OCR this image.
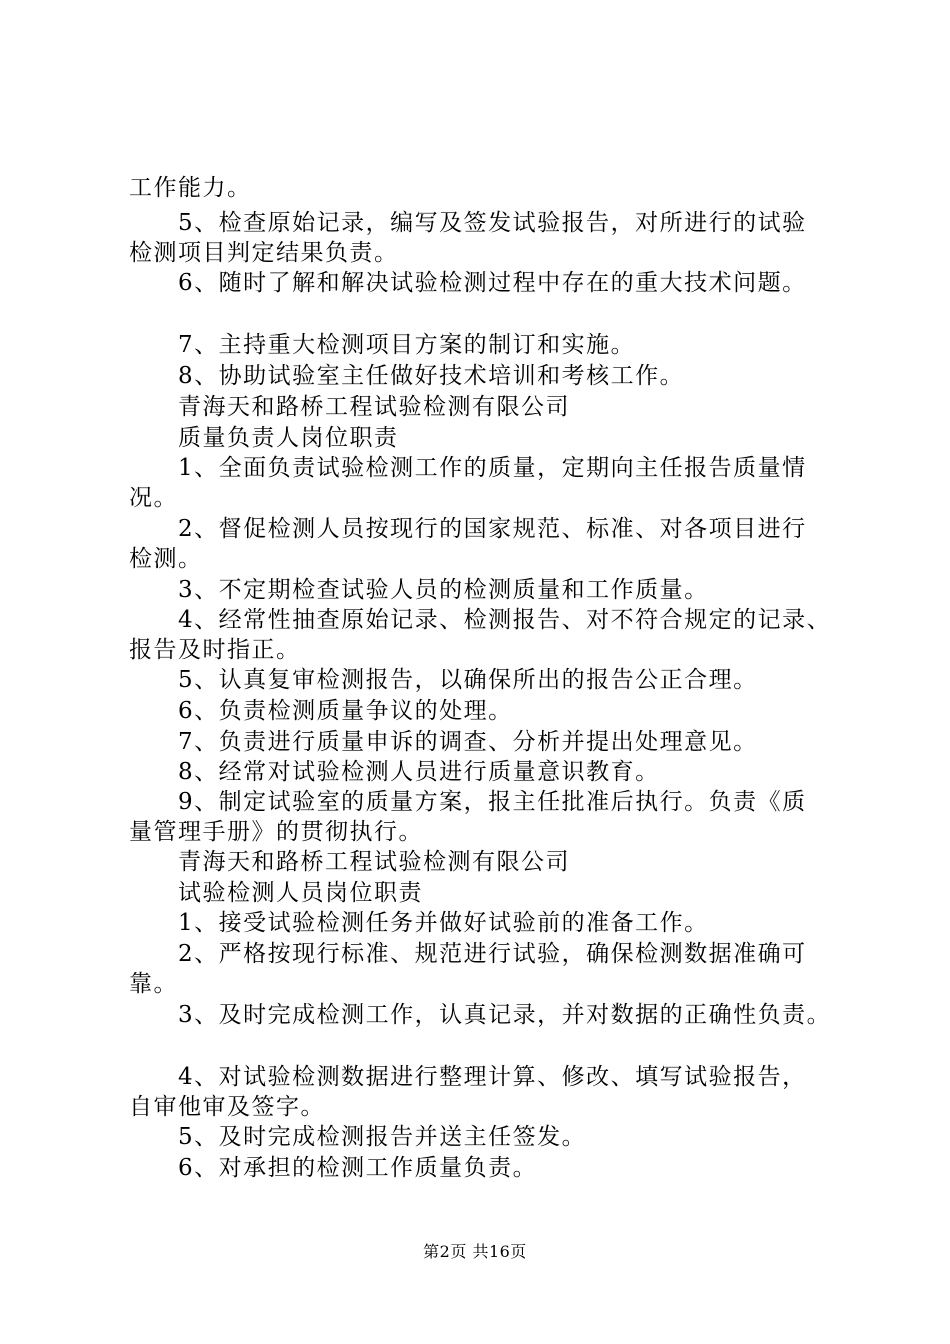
工作能力。
5、检查原始记录，编写及签发试验报告，对所进行的试验
检测项目判定结果负责。
6、随时了解和解决试验检测过程中存在的重大技术问题。
7、主持重大检测项目方案的制订和实施。
8、协助试验室主任做好技术培训和考核工作。
青海天和路桥工程试验检测有限公司
质量负责人岗位职责
1、全面负责试验检测工作的质量，定期向主任报告质量情
况。
2、督促检测人员按现行的国家规范、标准、对各项目进行
检测。
3、不定期检查试验人员的检测质量和工作质量。
4、经常性抽查原始记录、检测报告、对不符合规定的记录、
报告及时指正。
5、认真复审检测报告，以确保所出的报告公正合理。
6、负责检测质量争议的处理。
7、负责进行质量申诉的调查、分析并提出处理意见。
8、经常对试验检测人员进行质量意识教育。
9、制定试验室的质量方案，报主任批准后执行。负责《质
量管理手册》的贯彻执行。
青海天和路桥工程试验检测有限公司
试验检测人员岗位职责
1、接受试验检测任务并做好试验前的准备工作。
2、严格按现行标准、规范进行试验，确保检测数据准确可
靠。
3、及时完成检测工作，认真记录，并对数据的正确性负责。
4、对试验检测数据进行整理计算、修改、填写试验报告，
自审他审及签字。
5、及时完成检测报告并送主任签发。
6、对承担的检测工作质量负责。
第2页 共16页
